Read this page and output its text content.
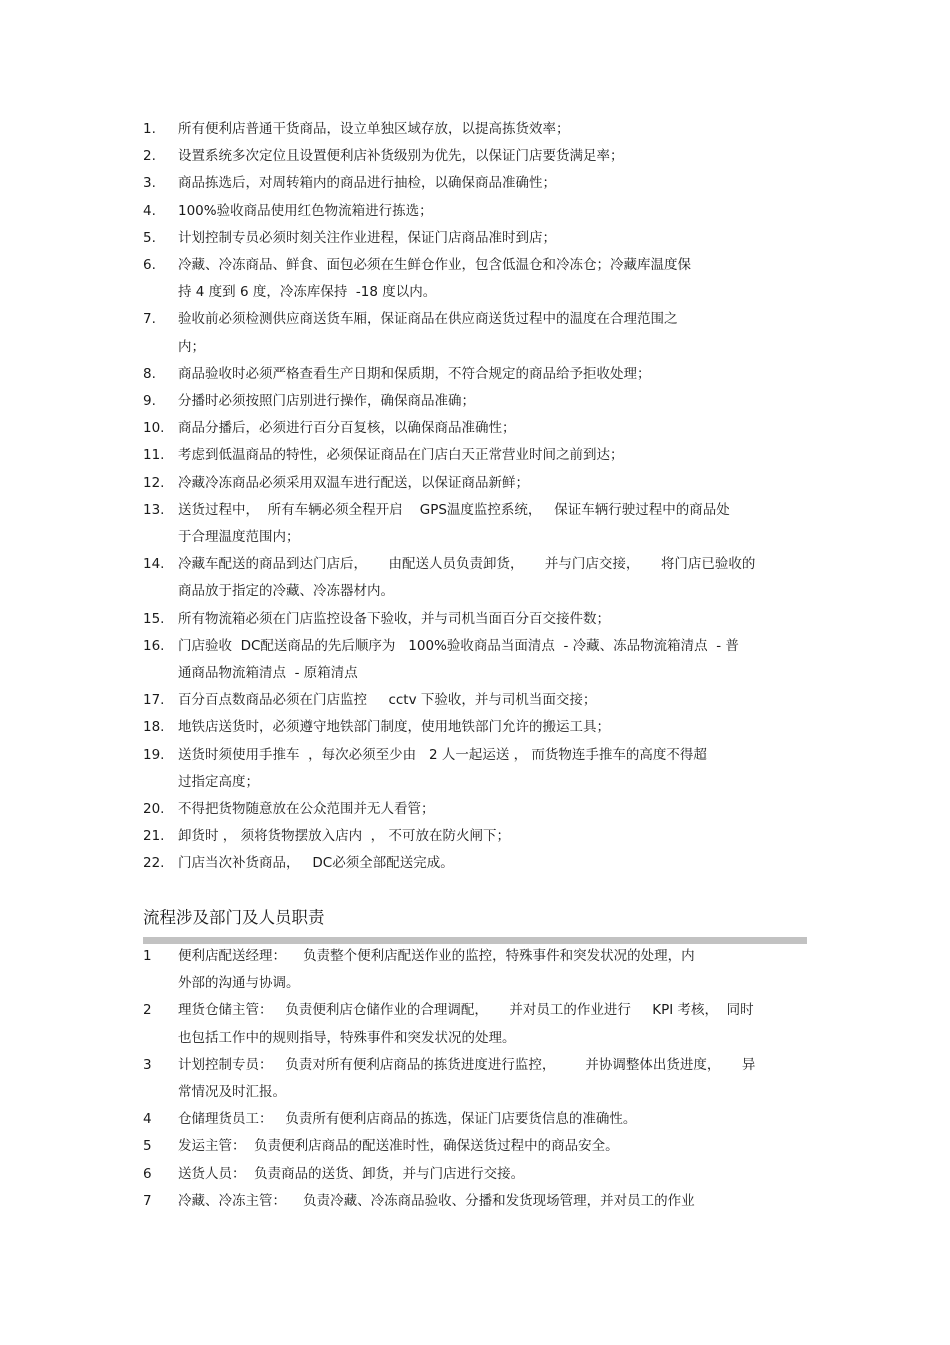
1.	所有便利店普通干货商品，设立单独区域存放，以提高拣货效率；
2.	设置系统多次定位且设置便利店补货级别为优先，以保证门店要货满足率；
3.	商品拣选后，对周转箱内的商品进行抽检，以确保商品准确性；
4.	100%验收商品使用红色物流箱进行拣选；
5.	计划控制专员必须时刻关注作业进程，保证门店商品准时到店；
6.	冷藏、冷冻商品、鲜食、面包必须在生鲜仓作业，包含低温仓和冷冻仓；冷藏库温度保
持 4 度到 6 度，冷冻库保持  -18 度以内。
7.	验收前必须检测供应商送货车厢，保证商品在供应商送货过程中的温度在合理范围之
内；
8.	商品验收时必须严格查看生产日期和保质期，不符合规定的商品给予拒收处理；
9.	分播时必须按照门店别进行操作，确保商品准确；
10.	商品分播后，必须进行百分百复核，以确保商品准确性；
11.	考虑到低温商品的特性，必须保证商品在门店白天正常营业时间之前到达；
12.	冷藏冷冻商品必须采用双温车进行配送，以保证商品新鲜；
13.	送货过程中，  所有车辆必须全程开启    GPS温度监控系统，   保证车辆行驶过程中的商品处
于合理温度范围内；
14.	冷藏车配送的商品到达门店后，     由配送人员负责卸货，     并与门店交接，     将门店已验收的
商品放于指定的冷藏、冷冻器材内。
15.	所有物流箱必须在门店监控设备下验收，并与司机当面百分百交接件数；
16.	门店验收  DC配送商品的先后顺序为   100%验收商品当面清点  - 冷藏、冻品物流箱清点  - 普
通商品物流箱清点  - 原箱清点
17.	百分百点数商品必须在门店监控     cctv 下验收，并与司机当面交接；
18.	地铁店送货时，必须遵守地铁部门制度，使用地铁部门允许的搬运工具；
19.	送货时须使用手推车  ，每次必须至少由   2 人一起运送 ， 而货物连手推车的高度不得超
过指定高度；
20.	不得把货物随意放在公众范围并无人看管；
21.	卸货时 ， 须将货物摆放入店内  ， 不可放在防火闸下；
22.	门店当次补货商品，   DC必须全部配送完成。
流程涉及部门及人员职责
1	便利店配送经理：    负责整个便利店配送作业的监控，特殊事件和突发状况的处理，内
外部的沟通与协调。
2	理货仓储主管：   负责便利店仓储作业的合理调配，     并对员工的作业进行     KPI 考核，  同时
也包括工作中的规则指导，特殊事件和突发状况的处理。
3	计划控制专员：   负责对所有便利店商品的拣货进度进行监控，       并协调整体出货进度，     异
常情况及时汇报。
4	仓储理货员工：   负责所有便利店商品的拣选，保证门店要货信息的准确性。
5	发运主管：  负责便利店商品的配送准时性，确保送货过程中的商品安全。
6	送货人员：  负责商品的送货、卸货，并与门店进行交接。
7	冷藏、冷冻主管：    负责冷藏、冷冻商品验收、分播和发货现场管理，并对员工的作业
